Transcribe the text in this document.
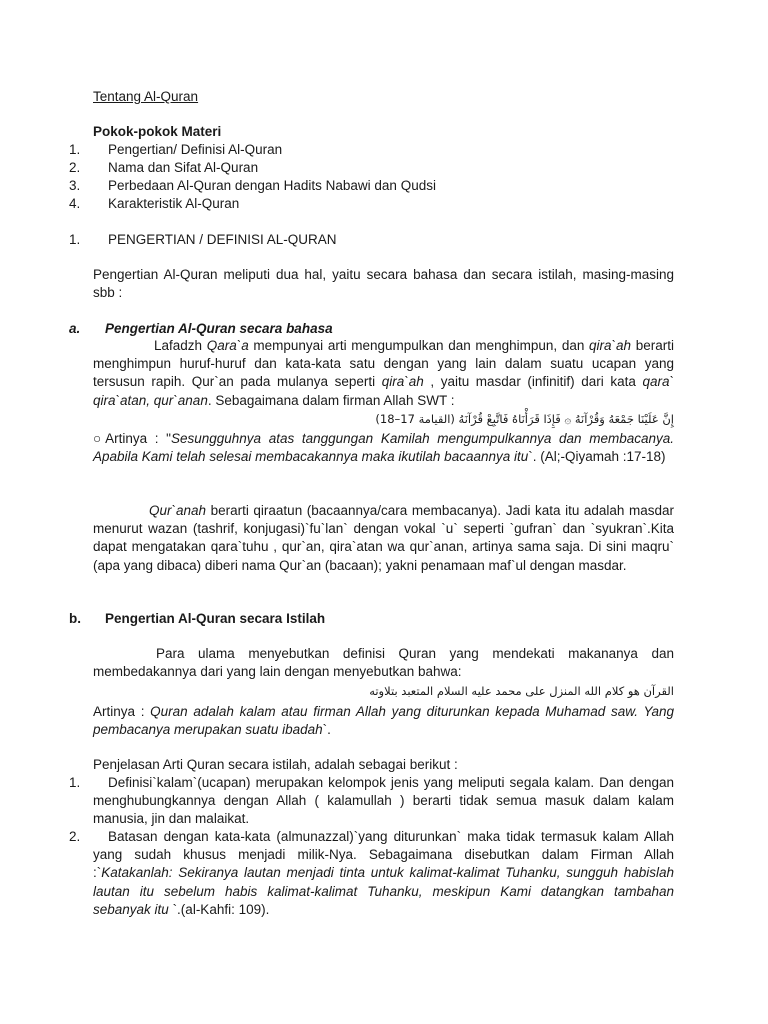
Tentang Al-Quran
Pokok-pokok Materi
1.	Pengertian/ Definisi Al-Quran
2.	Nama dan Sifat Al-Quran
3.	Perbedaan Al-Quran dengan Hadits Nabawi dan Qudsi
4.	Karakteristik Al-Quran
1. PENGERTIAN / DEFINISI AL-QURAN
Pengertian Al-Quran meliputi dua hal, yaitu secara bahasa dan secara istilah, masing-masing sbb :
a. Pengertian Al-Quran secara bahasa
Lafadzh Qara`a mempunyai arti mengumpulkan dan menghimpun, dan qira`ah berarti menghimpun huruf-huruf dan kata-kata satu dengan yang lain dalam suatu ucapan yang tersusun rapih. Qur`an pada mulanya seperti qira`ah , yaitu masdar (infinitif) dari kata qara` qira`atan, qur`anan. Sebagaimana dalam firman Allah SWT :
إِنَّ عَلَيْنَا جَمْعَهُ وَقُرْآنَهُ ۞ فَإِذَا قَرَأْنَاهُ فَاتَّبِعْ قُرْآنَهُ (القيامة 17–18)
○Artinya : "Sesungguhnya atas tanggungan Kamilah mengumpulkannya dan membacanya. Apabila Kami telah selesai membacakannya maka ikutilah bacaannya itu`. (Al;-Qiyamah :17-18)
Qur`anah berarti qiraatun (bacaannya/cara membacanya). Jadi kata itu adalah masdar menurut wazan (tashrif, konjugasi)`fu`lan` dengan vokal `u` seperti `gufran` dan `syukran`.Kita dapat mengatakan qara`tuhu , qur`an, qira`atan wa qur`anan, artinya sama saja. Di sini maqru` (apa yang dibaca) diberi nama Qur`an (bacaan); yakni penamaan maf`ul dengan masdar.
b. Pengertian Al-Quran secara Istilah
Para ulama menyebutkan definisi Quran yang mendekati makananya dan membedakannya dari yang lain dengan menyebutkan bahwa:
القرآن هو كلام الله المنزل على محمد عليه السلام المتعبد بتلاوته
Artinya : Quran adalah kalam atau firman Allah yang diturunkan kepada Muhamad saw. Yang pembacanya merupakan suatu ibadah`.
Penjelasan Arti Quran secara istilah, adalah sebagai berikut :
1.	Definisi`kalam`(ucapan) merupakan kelompok jenis yang meliputi segala kalam. Dan dengan menghubungkannya dengan Allah ( kalamullah ) berarti tidak semua masuk dalam kalam manusia, jin dan malaikat.
2.	Batasan dengan kata-kata (almunazzal)`yang diturunkan` maka tidak termasuk kalam Allah yang sudah khusus menjadi milik-Nya. Sebagaimana disebutkan dalam Firman Allah :`Katakanlah: Sekiranya lautan menjadi tinta untuk kalimat-kalimat Tuhanku, sungguh habislah lautan itu sebelum habis kalimat-kalimat Tuhanku, meskipun Kami datangkan tambahan sebanyak itu `.(al-Kahfi: 109).
